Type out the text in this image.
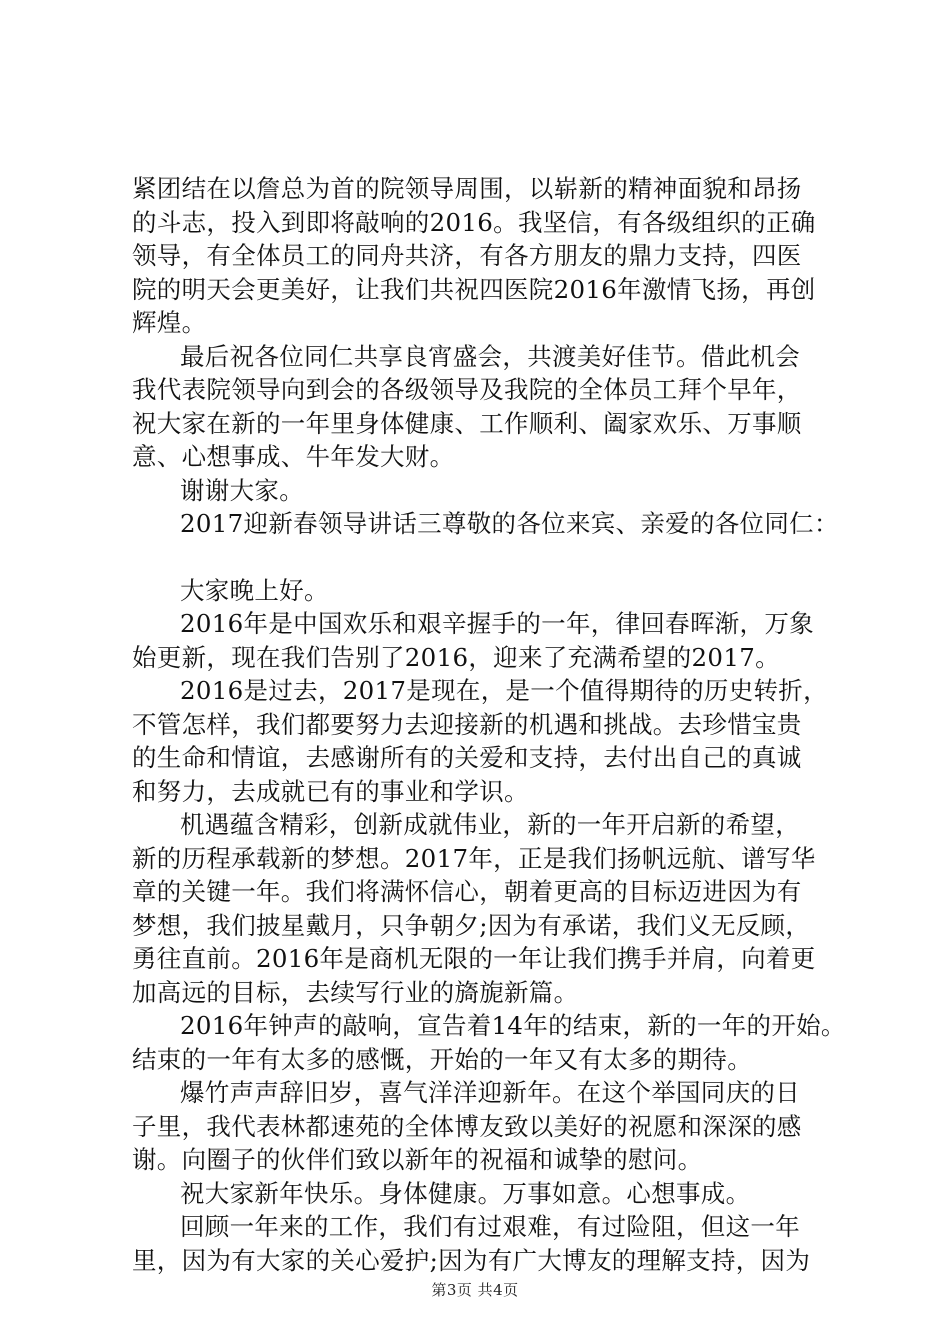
紧团结在以詹总为首的院领导周围，以崭新的精神面貌和昂扬

的斗志，投入到即将敲响的2016。我坚信，有各级组织的正确

领导，有全体员工的同舟共济，有各方朋友的鼎力支持，四医

院的明天会更美好，让我们共祝四医院2016年激情飞扬，再创

辉煌。

最后祝各位同仁共享良宵盛会，共渡美好佳节。借此机会

我代表院领导向到会的各级领导及我院的全体员工拜个早年，

祝大家在新的一年里身体健康、工作顺利、阖家欢乐、万事顺

意、心想事成、牛年发大财。

谢谢大家。

2017迎新春领导讲话三尊敬的各位来宾、亲爱的各位同仁：

大家晚上好。

2016年是中国欢乐和艰辛握手的一年，律回春晖渐，万象

始更新，现在我们告别了2016，迎来了充满希望的2017。

2016是过去，2017是现在，是一个值得期待的历史转折，

不管怎样，我们都要努力去迎接新的机遇和挑战。去珍惜宝贵

的生命和情谊，去感谢所有的关爱和支持，去付出自己的真诚

和努力，去成就已有的事业和学识。

机遇蕴含精彩，创新成就伟业，新的一年开启新的希望，

新的历程承载新的梦想。2017年，正是我们扬帆远航、谱写华

章的关键一年。我们将满怀信心，朝着更高的目标迈进因为有

梦想，我们披星戴月，只争朝夕;因为有承诺，我们义无反顾，

勇往直前。2016年是商机无限的一年让我们携手并肩，向着更

加高远的目标，去续写行业的旖旎新篇。

2016年钟声的敲响，宣告着14年的结束，新的一年的开始。

结束的一年有太多的感慨，开始的一年又有太多的期待。

爆竹声声辞旧岁，喜气洋洋迎新年。在这个举国同庆的日

子里，我代表林都速苑的全体博友致以美好的祝愿和深深的感

谢。向圈子的伙伴们致以新年的祝福和诚挚的慰问。

祝大家新年快乐。身体健康。万事如意。心想事成。

回顾一年来的工作，我们有过艰难，有过险阻，但这一年

里，因为有大家的关心爱护;因为有广大博友的理解支持，因为

第3页 共4页
